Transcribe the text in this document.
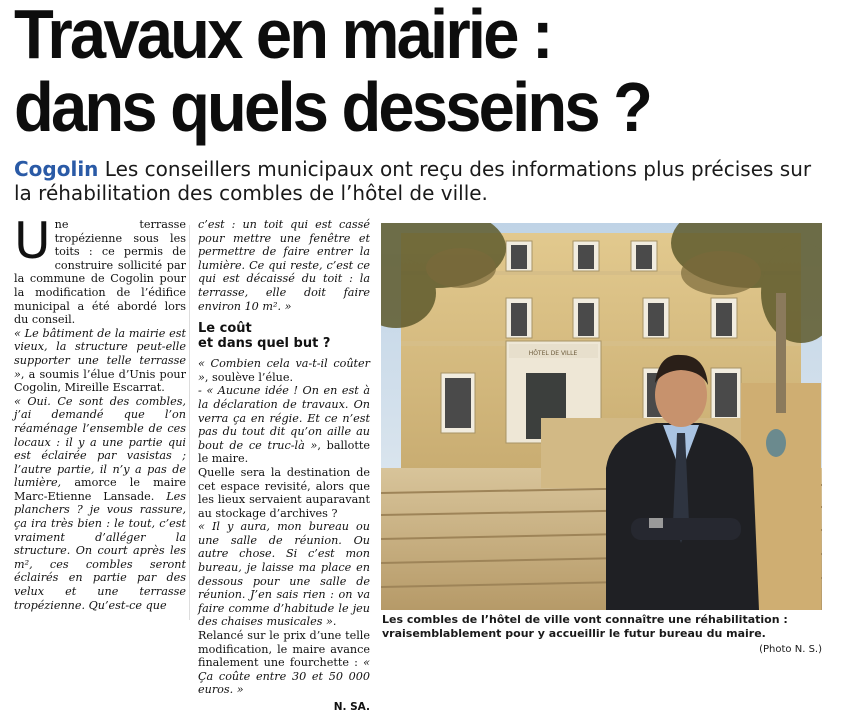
Travaux en mairie :
dans quels desseins ?
Cogolin Les conseillers municipaux ont reçu des informations plus précises sur la réhabilitation des combles de l’hôtel de ville.

Une terrasse tropézienne sous les toits : ce permis de construire sollicité par la commune de Cogolin pour la modification de l’édifice municipal a été abordé lors du conseil.

« Le bâtiment de la mairie est vieux, la structure peut-elle supporter une telle terrasse », a soumis l’élue d’Unis pour Cogolin, Mireille Escarrat.

« Oui. Ce sont des combles, j’ai demandé que l’on réaménage l’ensemble de ces locaux : il y a une partie qui est éclairée par vasistas ; l’autre partie, il n’y a pas de lumière, amorce le maire Marc-Etienne Lansade. Les planchers ? je vous rassure, ça ira très bien : le tout, c’est vraiment d’alléger la structure. On court après les m², ces combles seront éclairés en partie par des velux et une terrasse tropézienne. Qu’est-ce que

c’est : un toit qui est cassé pour mettre une fenêtre et permettre de faire entrer la lumière. Ce qui reste, c’est ce qui est décaissé du toit : la terrasse, elle doit faire environ 10 m². »

Le coût
et dans quel but ?

« Combien cela va-t-il coûter », soulève l’élue.

- « Aucune idée ! On en est à la déclaration de travaux. On verra ça en régie. Et ce n’est pas du tout dit qu’on aille au bout de ce truc-là », ballotte le maire.

Quelle sera la destination de cet espace revisité, alors que les lieux servaient auparavant au stockage d’archives ?

« Il y aura, mon bureau ou une salle de réunion. Ou autre chose. Si c’est mon bureau, je laisse ma place en dessous pour une salle de réunion. J’en sais rien : on va faire comme d’habitude le jeu des chaises musicales ».

Relancé sur le prix d’une telle modification, le maire avance finalement une fourchette : « Ça coûte entre 30 et 50 000 euros. »

N. SA.

HÔTEL DE VILLE
Les combles de l’hôtel de ville vont connaître une réhabilitation : vraisemblablement pour y accueillir le futur bureau du maire.
(Photo N. S.)
